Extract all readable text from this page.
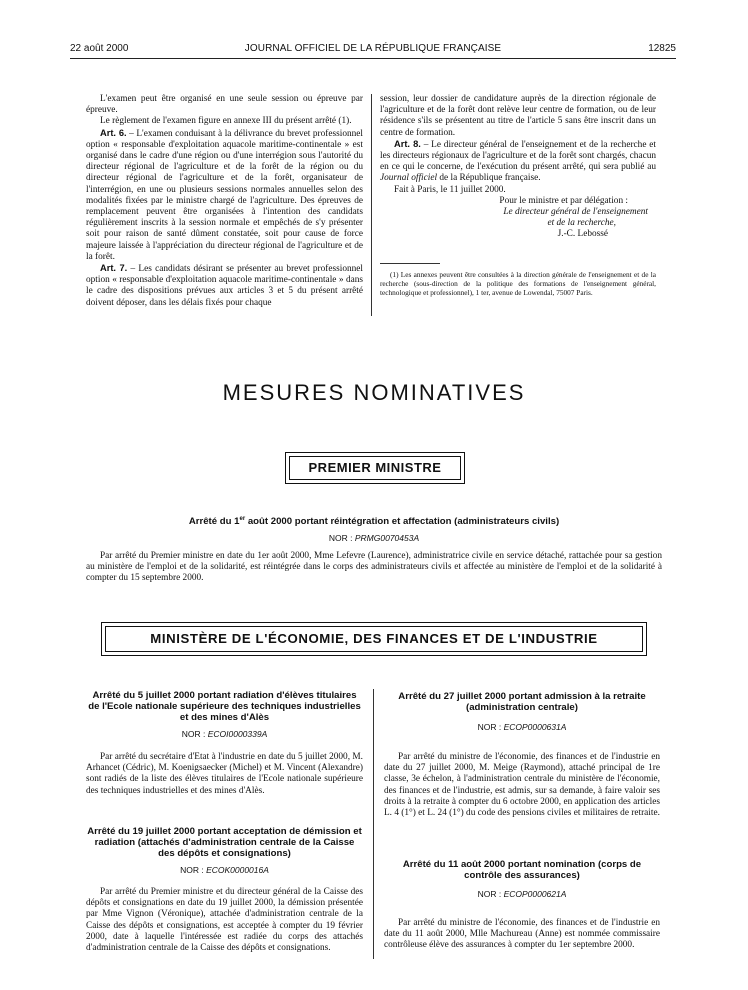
22 août 2000	JOURNAL OFFICIEL DE LA RÉPUBLIQUE FRANÇAISE	12825

L'examen peut être organisé en une seule session ou épreuve par épreuve.

Le règlement de l'examen figure en annexe III du présent arrêté (1).

Art. 6. – L'examen conduisant à la délivrance du brevet professionnel option « responsable d'exploitation aquacole maritime-continentale » est organisé dans le cadre d'une région ou d'une interrégion sous l'autorité du directeur régional de l'agriculture et de la forêt de la région ou du directeur régional de l'agriculture et de la forêt, organisateur de l'interrégion, en une ou plusieurs sessions normales annuelles selon des modalités fixées par le ministre chargé de l'agriculture. Des épreuves de remplacement peuvent être organisées à l'intention des candidats régulièrement inscrits à la session normale et empêchés de s'y présenter soit pour raison de santé dûment constatée, soit pour cause de force majeure laissée à l'appréciation du directeur régional de l'agriculture et de la forêt.

Art. 7. – Les candidats désirant se présenter au brevet professionnel option « responsable d'exploitation aquacole maritime-continentale » dans le cadre des dispositions prévues aux articles 3 et 5 du présent arrêté doivent déposer, dans les délais fixés pour chaque

session, leur dossier de candidature auprès de la direction régionale de l'agriculture et de la forêt dont relève leur centre de formation, ou de leur résidence s'ils se présentent au titre de l'article 5 sans être inscrit dans un centre de formation.

Art. 8. – Le directeur général de l'enseignement et de la recherche et les directeurs régionaux de l'agriculture et de la forêt sont chargés, chacun en ce qui le concerne, de l'exécution du présent arrêté, qui sera publié au Journal officiel de la République française.

Fait à Paris, le 11 juillet 2000.

Pour le ministre et par délégation :
Le directeur général de l'enseignement
et de la recherche,
J.-C. Lebossé

(1) Les annexes peuvent être consultées à la direction générale de l'enseignement et de la recherche (sous-direction de la politique des formations de l'enseignement général, technologique et professionnel), 1 ter, avenue de Lowendal, 75007 Paris.

MESURES NOMINATIVES
PREMIER MINISTRE
Arrêté du 1er août 2000 portant réintégration et affectation (administrateurs civils)
NOR : PRMG0070453A

Par arrêté du Premier ministre en date du 1er août 2000, Mme Lefevre (Laurence), administratrice civile en service détaché, rattachée pour sa gestion au ministère de l'emploi et de la solidarité, est réintégrée dans le corps des administrateurs civils et affectée au ministère de l'emploi et de la solidarité à compter du 15 septembre 2000.

MINISTÈRE DE L'ÉCONOMIE, DES FINANCES ET DE L'INDUSTRIE
Arrêté du 5 juillet 2000 portant radiation d'élèves titulaires de l'Ecole nationale supérieure des techniques industrielles et des mines d'Alès
NOR : ECOI0000339A

Par arrêté du secrétaire d'Etat à l'industrie en date du 5 juillet 2000, M. Arhancet (Cédric), M. Koenigsaecker (Michel) et M. Vincent (Alexandre) sont radiés de la liste des élèves titulaires de l'Ecole nationale supérieure des techniques industrielles et des mines d'Alès.

Arrêté du 19 juillet 2000 portant acceptation de démission et radiation (attachés d'administration centrale de la Caisse des dépôts et consignations)
NOR : ECOK0000016A

Par arrêté du Premier ministre et du directeur général de la Caisse des dépôts et consignations en date du 19 juillet 2000, la démission présentée par Mme Vignon (Véronique), attachée d'administration centrale de la Caisse des dépôts et consignations, est acceptée à compter du 19 février 2000, date à laquelle l'intéressée est radiée du corps des attachés d'administration centrale de la Caisse des dépôts et consignations.

Arrêté du 27 juillet 2000 portant admission à la retraite (administration centrale)
NOR : ECOP0000631A

Par arrêté du ministre de l'économie, des finances et de l'industrie en date du 27 juillet 2000, M. Meige (Raymond), attaché principal de 1re classe, 3e échelon, à l'administration centrale du ministère de l'économie, des finances et de l'industrie, est admis, sur sa demande, à faire valoir ses droits à la retraite à compter du 6 octobre 2000, en application des articles L. 4 (1°) et L. 24 (1°) du code des pensions civiles et militaires de retraite.

Arrêté du 11 août 2000 portant nomination (corps de contrôle des assurances)
NOR : ECOP0000621A

Par arrêté du ministre de l'économie, des finances et de l'industrie en date du 11 août 2000, Mlle Machureau (Anne) est nommée commissaire contrôleuse élève des assurances à compter du 1er septembre 2000.
